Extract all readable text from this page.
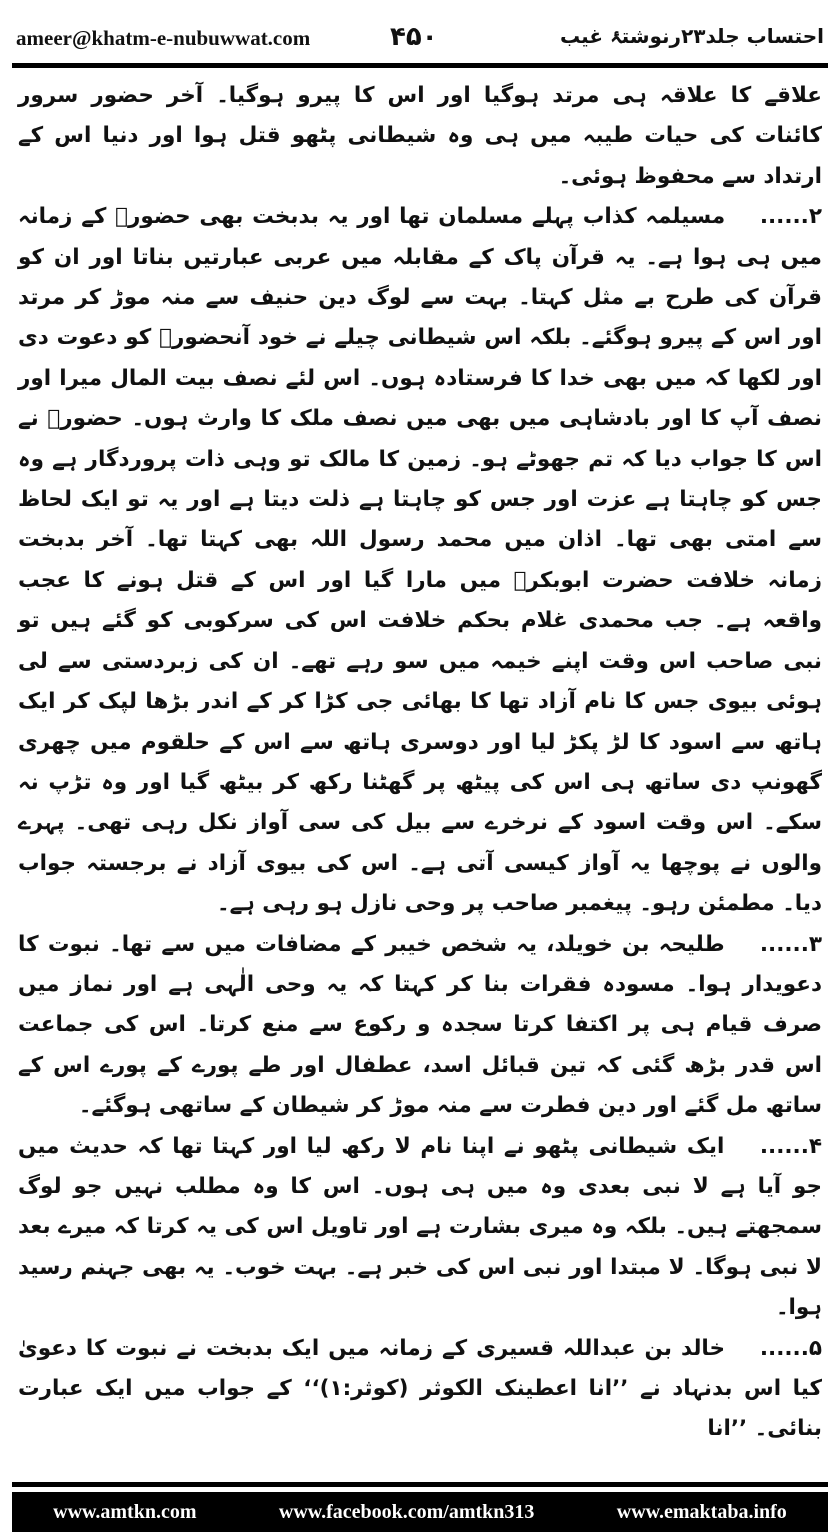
ameer@khatm-e-nubuwwat.com	۴۵۰	احتساب جلد۲۳رنوشتۂ غیب

علاقے کا علاقہ ہی مرتد ہوگیا اور اس کا پیرو ہوگیا۔ آخر حضور سرور کائنات کی حیات طیبہ میں ہی وہ شیطانی پٹھو قتل ہوا اور دنیا اس کے ارتداد سے محفوظ ہوئی۔

۲...... مسیلمہ کذاب پہلے مسلمان تھا اور یہ بدبخت بھی حضورﷺ کے زمانہ میں ہی ہوا ہے۔ یہ قرآن پاک کے مقابلہ میں عربی عبارتیں بناتا اور ان کو قرآن کی طرح بے مثل کہتا۔ بہت سے لوگ دین حنیف سے منہ موڑ کر مرتد اور اس کے پیرو ہوگئے۔ بلکہ اس شیطانی چیلے نے خود آنحضورﷺ کو دعوت دی اور لکھا کہ میں بھی خدا کا فرستادہ ہوں۔ اس لئے نصف بیت المال میرا اور نصف آپ کا اور بادشاہی میں بھی میں نصف ملک کا وارث ہوں۔ حضورﷺ نے اس کا جواب دیا کہ تم جھوٹے ہو۔ زمین کا مالک تو وہی ذات پروردگار ہے وہ جس کو چاہتا ہے عزت اور جس کو چاہتا ہے ذلت دیتا ہے اور یہ تو ایک لحاظ سے امتی بھی تھا۔ اذان میں محمد رسول اللہ بھی کہتا تھا۔ آخر بدبخت زمانہ خلافت حضرت ابوبکرؓ میں مارا گیا اور اس کے قتل ہونے کا عجب واقعہ ہے۔ جب محمدی غلام بحکم خلافت اس کی سرکوبی کو گئے ہیں تو نبی صاحب اس وقت اپنے خیمہ میں سو رہے تھے۔ ان کی زبردستی سے لی ہوئی بیوی جس کا نام آزاد تھا کا بھائی جی کڑا کر کے اندر بڑھا لپک کر ایک ہاتھ سے اسود کا لڑ پکڑ لیا اور دوسری ہاتھ سے اس کے حلقوم میں چھری گھونپ دی ساتھ ہی اس کی پیٹھ پر گھٹنا رکھ کر بیٹھ گیا اور وہ تڑپ نہ سکے۔ اس وقت اسود کے نرخرے سے بیل کی سی آواز نکل رہی تھی۔ پہرے والوں نے پوچھا یہ آواز کیسی آتی ہے۔ اس کی بیوی آزاد نے برجستہ جواب دیا۔ مطمئن رہو۔ پیغمبر صاحب پر وحی نازل ہو رہی ہے۔

۳...... طلیحہ بن خویلد، یہ شخص خیبر کے مضافات میں سے تھا۔ نبوت کا دعویدار ہوا۔ مسودہ فقرات بنا کر کہتا کہ یہ وحی الٰہی ہے اور نماز میں صرف قیام ہی پر اکتفا کرتا سجدہ و رکوع سے منع کرتا۔ اس کی جماعت اس قدر بڑھ گئی کہ تین قبائل اسد، عطفال اور طے پورے کے پورے اس کے ساتھ مل گئے اور دین فطرت سے منہ موڑ کر شیطان کے ساتھی ہوگئے۔

۴...... ایک شیطانی پٹھو نے اپنا نام لا رکھ لیا اور کہتا تھا کہ حدیث میں جو آیا ہے لا نبی بعدی وہ میں ہی ہوں۔ اس کا وہ مطلب نہیں جو لوگ سمجھتے ہیں۔ بلکہ وہ میری بشارت ہے اور تاویل اس کی یہ کرتا کہ میرے بعد لا نبی ہوگا۔ لا مبتدا اور نبی اس کی خبر ہے۔ بہت خوب۔ یہ بھی جہنم رسید ہوا۔

۵...... خالد بن عبداللہ قسیری کے زمانہ میں ایک بدبخت نے نبوت کا دعویٰ کیا اس بدنہاد نے ’’انا اعطینک الکوثر (کوثر:۱)‘‘ کے جواب میں ایک عبارت بنائی۔ ’’انا

www.amtkn.com	www.facebook.com/amtkn313	www.emaktaba.info
